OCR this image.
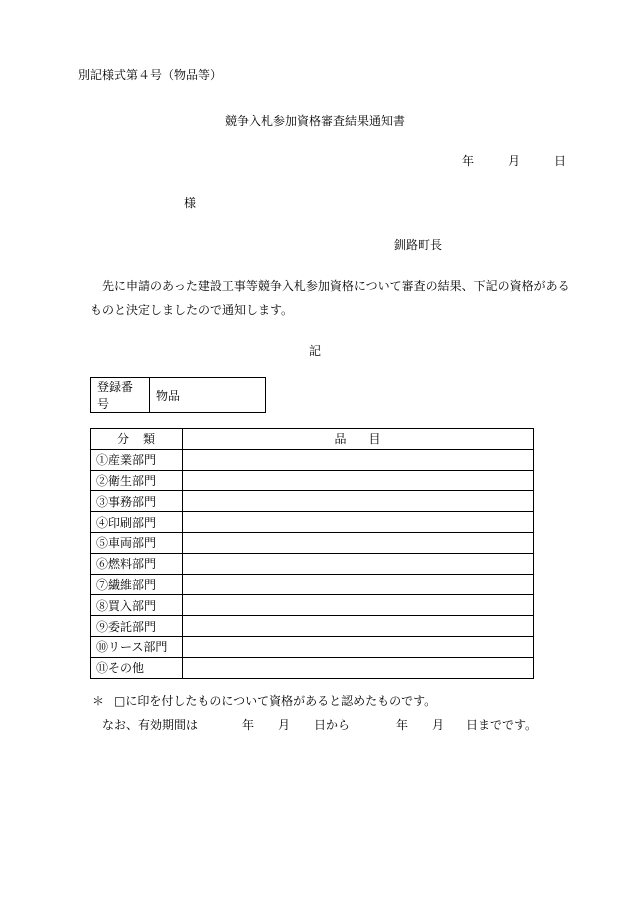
別記様式第４号（物品等）
競争入札参加資格審査結果通知書
年	月	日
様
釧路町長

先に申請のあった建設工事等競争入札参加資格について審査の結果、下記の資格がある

ものと決定しましたので通知します。

記
登録番号	物品
分類	品目
①産業部門	
②衛生部門	
③事務部門	
④印刷部門	
⑤車両部門	
⑥燃料部門	
⑦繊維部門	
⑧買入部門	
⑨委託部門	
⑩リース部門	
⑪その他	
＊ □に印を付したものについて資格があると認めたものです。
なお、有効期間は	年 月 日から	年 月 日までです。
